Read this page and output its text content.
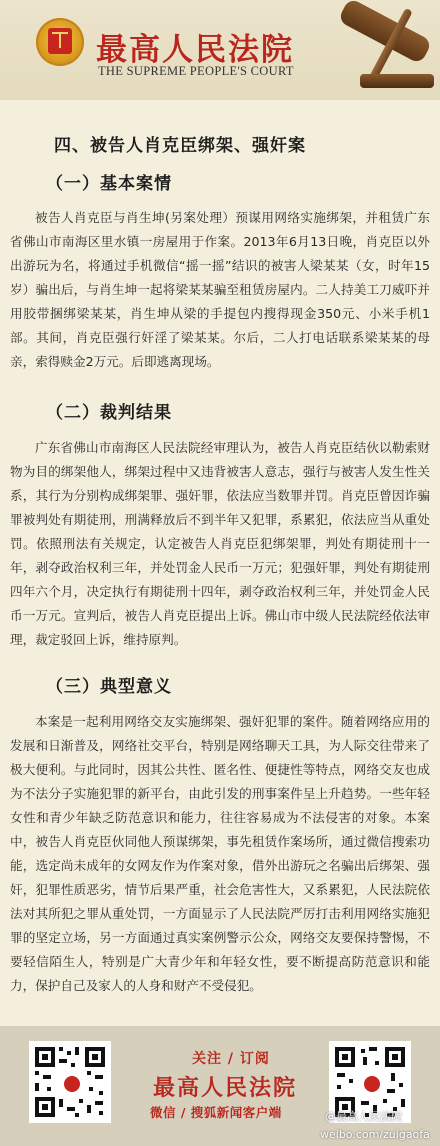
最高人民法院
THE SUPREME PEOPLE'S COURT
四、被告人肖克臣绑架、强奸案
（一）基本案情

被告人肖克臣与肖生坤(另案处理）预谋用网络实施绑架，并租赁广东省佛山市南海区里水镇一房屋用于作案。2013年6月13日晚，肖克臣以外出游玩为名，将通过手机微信“摇一摇”结识的被害人梁某某（女，时年15岁）骗出后，与肖生坤一起将梁某某骗至租赁房屋内。二人持美工刀威吓并用胶带捆绑梁某某，肖生坤从梁的手提包内搜得现金350元、小米手机1部。其间，肖克臣强行奸淫了梁某某。尔后，二人打电话联系梁某某的母亲，索得赎金2万元。后即逃离现场。

（二）裁判结果

广东省佛山市南海区人民法院经审理认为，被告人肖克臣结伙以勒索财物为目的绑架他人，绑架过程中又违背被害人意志，强行与被害人发生性关系，其行为分别构成绑架罪、强奸罪，依法应当数罪并罚。肖克臣曾因诈骗罪被判处有期徒刑，刑满释放后不到半年又犯罪，系累犯，依法应当从重处罚。依照刑法有关规定，认定被告人肖克臣犯绑架罪，判处有期徒刑十一年，剥夺政治权利三年，并处罚金人民币一万元；犯强奸罪，判处有期徒刑四年六个月，决定执行有期徒刑十四年，剥夺政治权利三年，并处罚金人民币一万元。宣判后，被告人肖克臣提出上诉。佛山市中级人民法院经依法审理，裁定驳回上诉，维持原判。

（三）典型意义

本案是一起利用网络交友实施绑架、强奸犯罪的案件。随着网络应用的发展和日渐普及，网络社交平台，特别是网络聊天工具，为人际交往带来了极大便利。与此同时，因其公共性、匿名性、便捷性等特点，网络交友也成为不法分子实施犯罪的新平台，由此引发的刑事案件呈上升趋势。一些年轻女性和青少年缺乏防范意识和能力，往往容易成为不法侵害的对象。本案中，被告人肖克臣伙同他人预谋绑架，事先租赁作案场所，通过微信搜索功能，选定尚未成年的女网友作为作案对象，借外出游玩之名骗出后绑架、强奸，犯罪性质恶劣，情节后果严重，社会危害性大，又系累犯，人民法院依法对其所犯之罪从重处罚，一方面显示了人民法院严厉打击利用网络实施犯罪的坚定立场，另一方面通过真实案例警示公众，网络交友要保持警惕，不要轻信陌生人，特别是广大青少年和年轻女性，要不断提高防范意识和能力，保护自己及家人的人身和财产不受侵犯。

关注 / 订阅
最高人民法院
微信 / 搜狐新闻客户端	@最高人民法院
weibo.com/zuigaofa
